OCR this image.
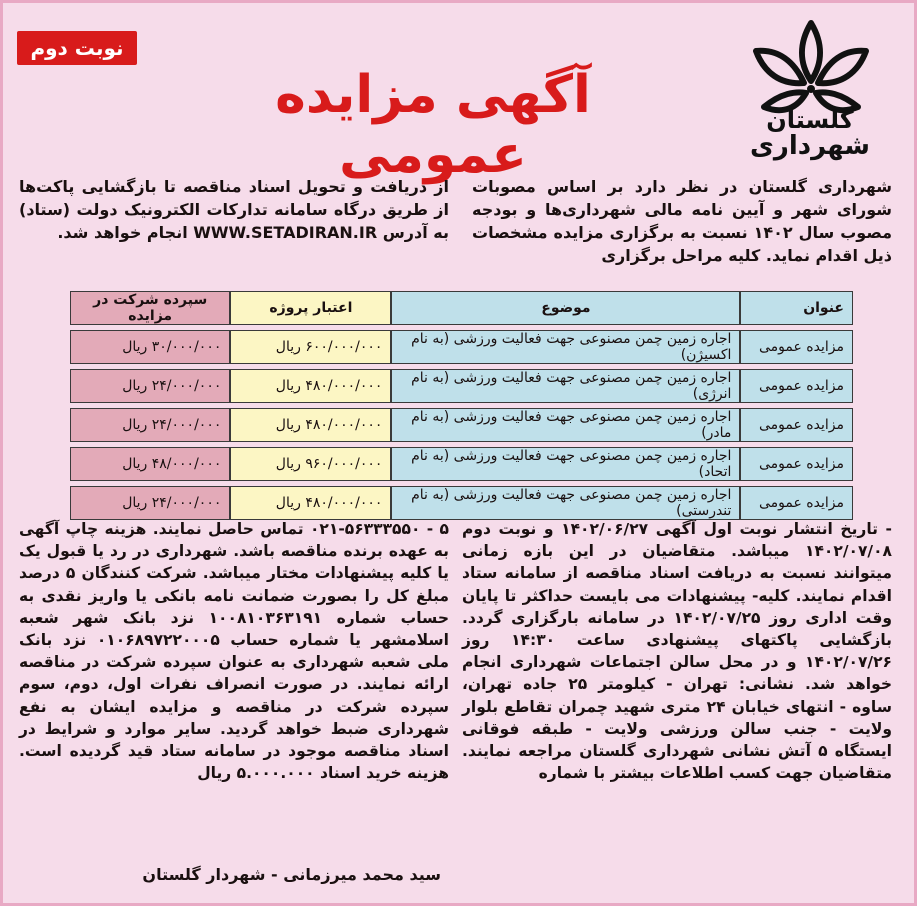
نوبت دوم
آگهی مزایده عمومی
گلستان
شهرداری
شهرداری گلستان در نظر دارد بر اساس مصوبات شورای شهر و آیین نامه مالی شهرداری‌ها و بودجه مصوب سال ۱۴۰۲ نسبت به برگزاری مزایده مشخصات ذیل اقدام نماید. کلیه مراحل برگزاری
از دریافت و تحویل اسناد مناقصه تا بازگشایی پاکت‌ها از طریق درگاه سامانه تدارکات الکترونیک دولت (ستاد) به آدرس WWW.SETADIRAN.IR انجام خواهد شد.
عنوان	موضوع	اعتبار پروژه	سپرده شرکت در مزایده
مزایده عمومی	اجاره زمین چمن مصنوعی جهت فعالیت ورزشی (به نام اکسیژن)	۶۰۰/۰۰۰/۰۰۰ ریال	۳۰/۰۰۰/۰۰۰ ریال
مزایده عمومی	اجاره زمین چمن مصنوعی جهت فعالیت ورزشی (به نام انرژی)	۴۸۰/۰۰۰/۰۰۰ ریال	۲۴/۰۰۰/۰۰۰ ریال
مزایده عمومی	اجاره زمین چمن مصنوعی جهت فعالیت ورزشی (به نام مادر)	۴۸۰/۰۰۰/۰۰۰ ریال	۲۴/۰۰۰/۰۰۰ ریال
مزایده عمومی	اجاره زمین چمن مصنوعی جهت فعالیت ورزشی (به نام اتحاد)	۹۶۰/۰۰۰/۰۰۰ ریال	۴۸/۰۰۰/۰۰۰ ریال
مزایده عمومی	اجاره زمین چمن مصنوعی جهت فعالیت ورزشی (به نام تندرستی)	۴۸۰/۰۰۰/۰۰۰ ریال	۲۴/۰۰۰/۰۰۰ ریال
- تاریخ انتشار نوبت اول آگهی ۱۴۰۲/۰۶/۲۷ و نوبت دوم ۱۴۰۲/۰۷/۰۸ میباشد. متقاضیان در این بازه زمانی میتوانند نسبت به دریافت اسناد مناقصه از سامانه ستاد اقدام نمایند. کلیه- پیشنهادات می بایست حداکثر تا پایان وقت اداری روز ۱۴۰۲/۰۷/۲۵ در سامانه بارگزاری گردد. بازگشایی پاکتهای پیشنهادی ساعت ۱۴:۳۰ روز ۱۴۰۲/۰۷/۲۶ و در محل سالن اجتماعات شهرداری انجام خواهد شد. نشانی: تهران - کیلومتر ۲۵ جاده تهران، ساوه - انتهای خیابان ۲۴ متری شهید چمران تقاطع بلوار ولایت - جنب سالن ورزشی ولایت - طبقه فوقانی ایستگاه ۵ آتش نشانی شهرداری گلستان مراجعه نمایند. متقاضیان جهت کسب اطلاعات بیشتر با شماره
۵ - ۰۲۱-۵۶۳۳۳۵۵۰ تماس حاصل نمایند. هزینه چاپ آگهی به عهده برنده مناقصه باشد. شهرداری در رد یا قبول یک یا کلیه پیشنهادات مختار میباشد. شرکت کنندگان ۵ درصد مبلغ کل را بصورت ضمانت نامه بانکی یا واریز نقدی به حساب شماره ۱۰۰۸۱۰۳۶۳۱۹۱ نزد بانک شهر شعبه اسلامشهر یا شماره حساب ۰۱۰۶۸۹۷۲۲۰۰۰۵ نزد بانک ملی شعبه شهرداری به عنوان سپرده شرکت در مناقصه ارائه نمایند. در صورت انصراف نفرات اول، دوم، سوم سپرده شرکت در مناقصه و مزایده ایشان به نفع شهرداری ضبط خواهد گردید. سایر موارد و شرایط در اسناد مناقصه موجود در سامانه ستاد قید گردیده است. هزینه خرید اسناد ۵.۰۰۰.۰۰۰ ریال
سید محمد میرزمانی - شهردار گلستان
